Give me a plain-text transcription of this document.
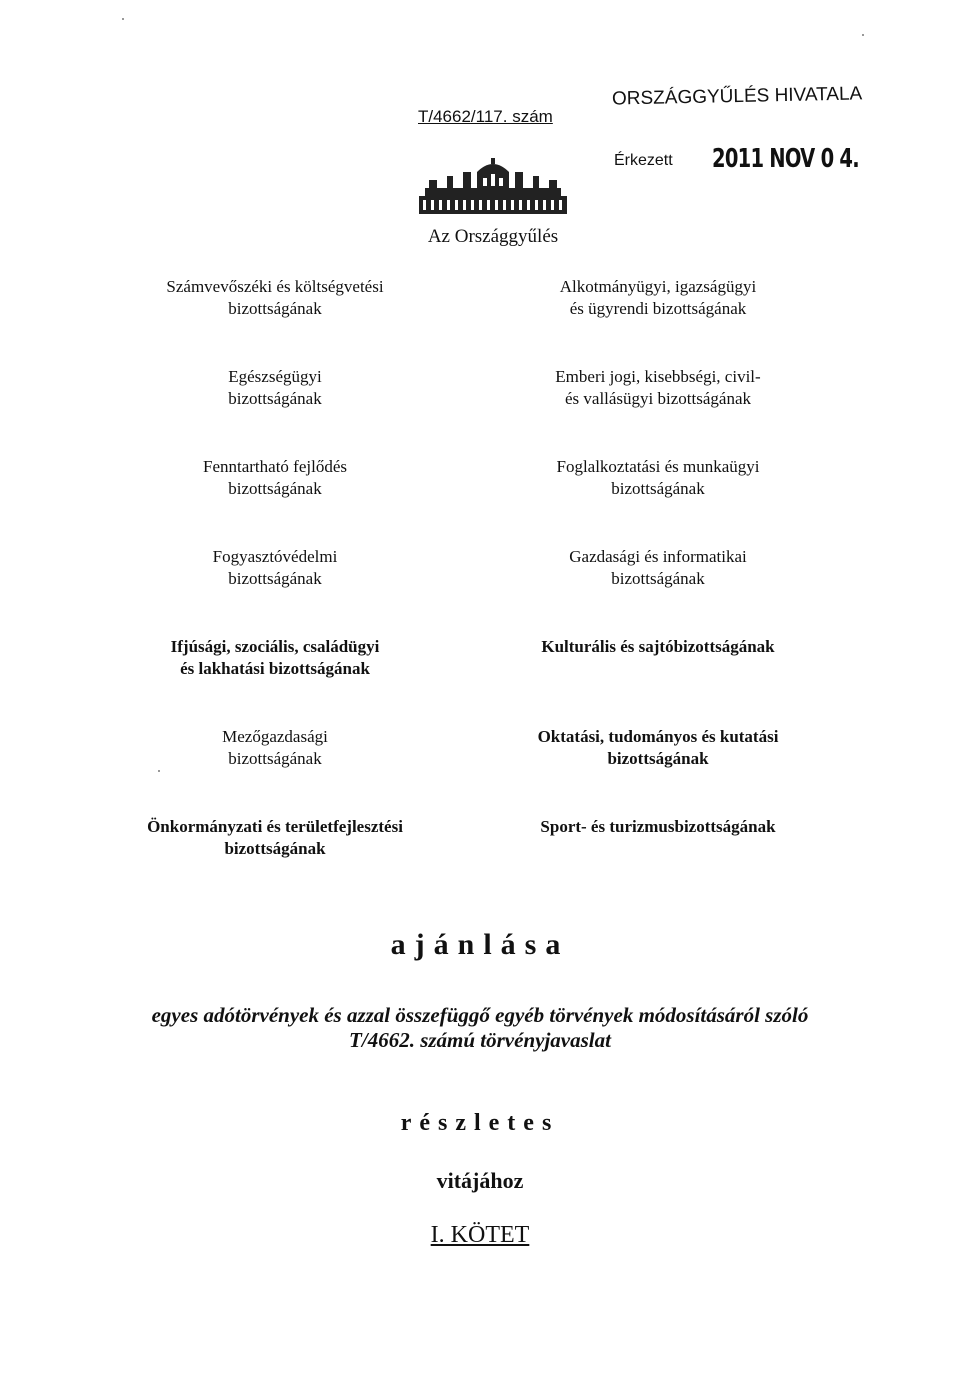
T/4662/117. szám
ORSZÁGGYŰLÉS HIVATALA
Érkezett 2011 NOV 0 4.
Az Országgyűlés
Számvevőszéki és költségvetési
bizottságának
Alkotmányügyi, igazságügyi
és ügyrendi bizottságának
Egészségügyi
bizottságának
Emberi jogi, kisebbségi, civil-
és vallásügyi bizottságának
Fenntartható fejlődés
bizottságának
Foglalkoztatási és munkaügyi
bizottságának
Fogyasztóvédelmi
bizottságának
Gazdasági és informatikai
bizottságának
Ifjúsági, szociális, családügyi
és lakhatási bizottságának
Kulturális és sajtóbizottságának
Mezőgazdasági
bizottságának
Oktatási, tudományos és kutatási
bizottságának
Önkormányzati és területfejlesztési
bizottságának
Sport- és turizmusbizottságának
ajánlása
egyes adótörvények és azzal összefüggő egyéb törvények módosításáról szóló
T/4662. számú törvényjavaslat
részletes
vitájához
I. KÖTET
